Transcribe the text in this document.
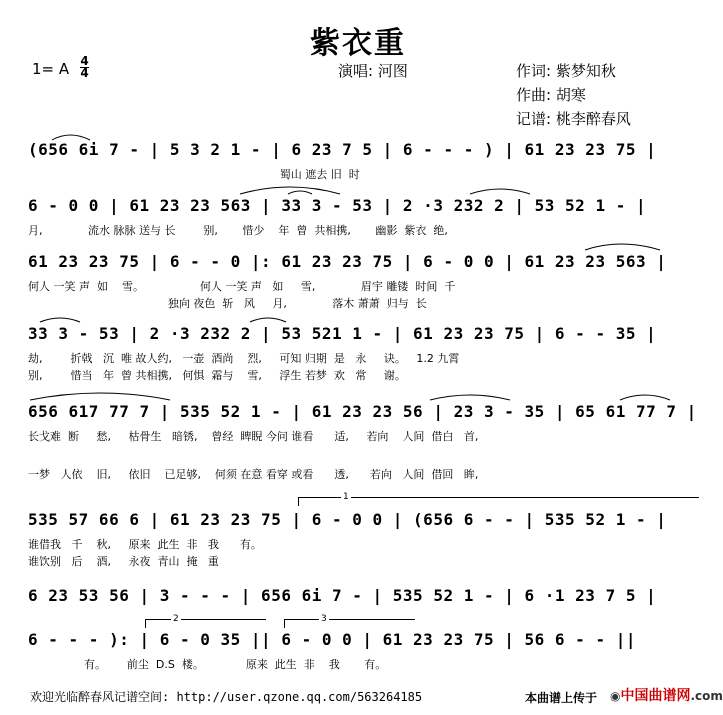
紫衣重
1= A 4
4	演唱: 河图	作词: 紫梦知秋
作曲: 胡寒
记谱: 桃李醉春风
(656 6i 7 - | 5 3 2 1 - | 6 23 7 5 | 6 - - - ) | 61 23 23 75 |
蜀山 遮去 旧  时
6 - 0 0 | 61 23 23 563 | 33 3 - 53 | 2 ·3 232 2 | 53 52 1 - |
月,             流水 脉脉 送与 长        别,       惜少    年  曾  共相携,       幽影  紫衣  绝,
61 23 23 75 | 6 - - 0 |: 61 23 23 75 | 6 - 0 0 | 61 23 23 563 |
何人 一笑 声  如    雪。                何人 一笑 声   如     雪,             眉宇 雕镂  时间  千
独向 夜色  斩   风     月,             落木 萧萧  归与  长
33 3 - 53 | 2 ·3 232 2 | 53 521 1 - | 61 23 23 75 | 6 - - 35 |
劫,        折戟   沉  唯 故人约,   一壶  酒尚    烈,     可知 归期  是   永     诀。   1.2 九霄
别,        惜当   年  曾 共相携,   何惧  霜与    雪,     浮生 若梦  欢   常     谢。
656 617 77 7 | 535 52 1 - | 61 23 23 56 | 23 3 - 35 | 65 61 77 7 |
长戈难  断     愁,     枯骨生   暗锈,    曾经  睥睨 今问 谁看      适,     若向    人间  借白   首,
一梦   人依    旧,     依旧    已足够,    何须 在意 看穿 或看      透,      若向   人间  借回   眸,
1
535 57 66 6 | 61 23 23 75 | 6 - 0 0 | (656 6 - - | 535 52 1 - |
谁借我   千    秋,     原来  此生  非   我      有。
谁饮别   后    酒,     永夜  青山  掩   重
6 23 53 56 | 3 - - - | 656 6i 7 - | 535 52 1 - | 6 ·1 23 7 5 |
2	3
6 - - - ): | 6 - 0 35 || 6 - 0 0 | 61 23 23 75 | 56 6 - - ||
有。      前尘  D.S  楼。            原来  此生  非    我       有。
欢迎光临醉春风记谱空间: http://user.qzone.qq.com/563264185	本曲谱上传于 ◉中国曲谱网.com
